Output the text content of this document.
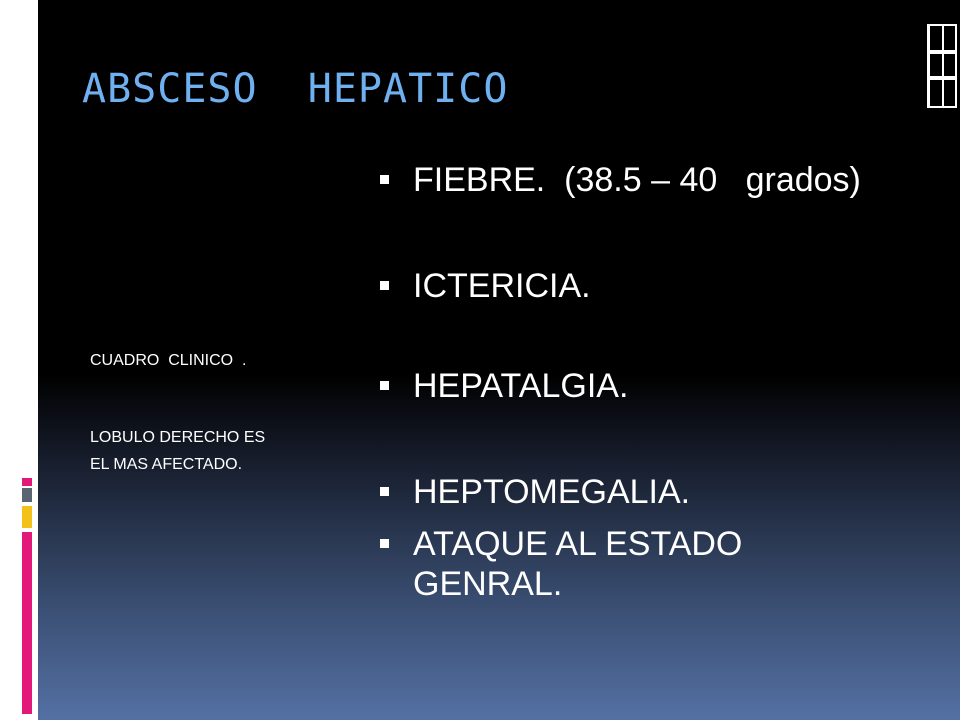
ABSCESO  HEPATICO

CUADRO  CLINICO  .

LOBULO DERECHO ES
EL MAS AFECTADO.

FIEBRE.  (38.5 – 40   grados)
ICTERICIA.
HEPATALGIA.
HEPTOMEGALIA.
ATAQUE AL ESTADO GENRAL.
